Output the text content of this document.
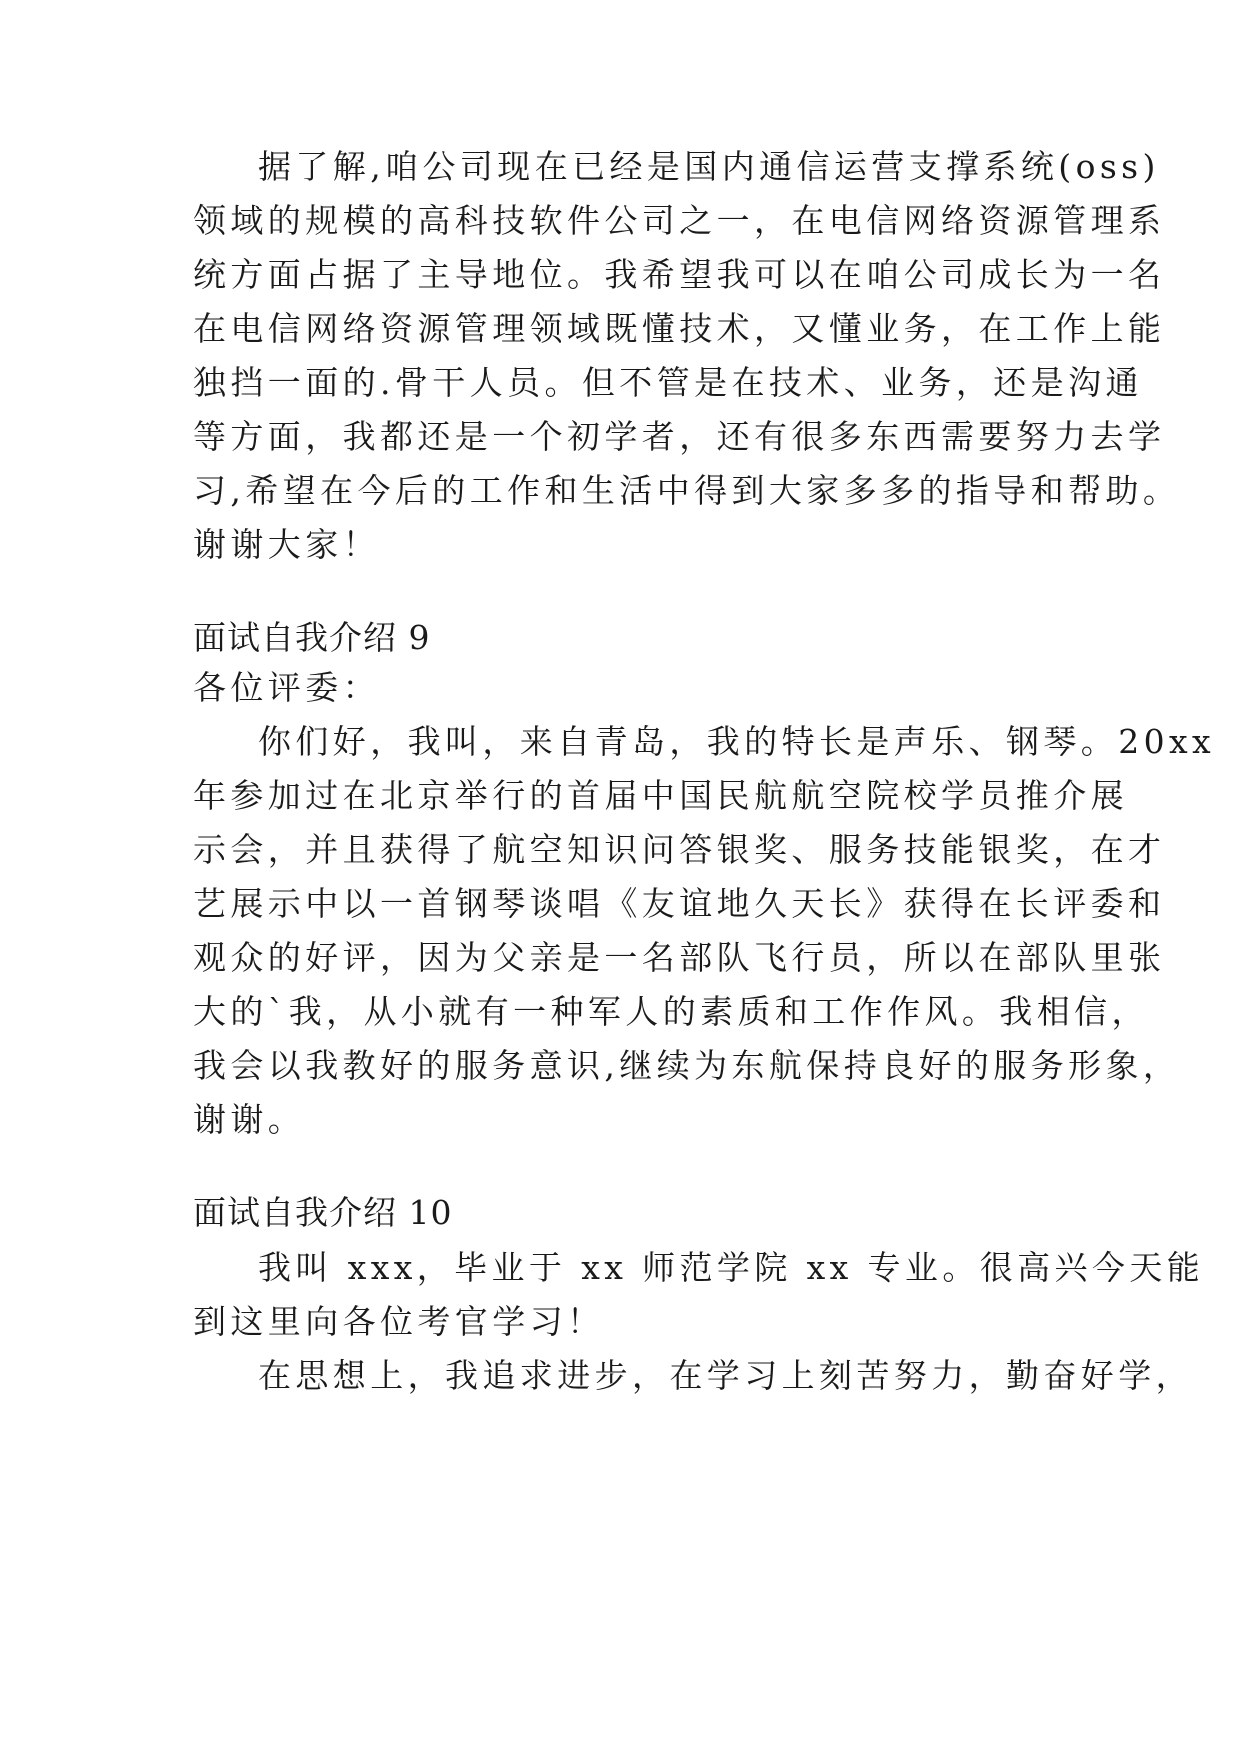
据了解,咱公司现在已经是国内通信运营支撑系统(oss)
领域的规模的高科技软件公司之一，在电信网络资源管理系
统方面占据了主导地位。我希望我可以在咱公司成长为一名
在电信网络资源管理领域既懂技术，又懂业务，在工作上能
独挡一面的.骨干人员。但不管是在技术、业务，还是沟通
等方面，我都还是一个初学者，还有很多东西需要努力去学
习,希望在今后的工作和生活中得到大家多多的指导和帮助。
谢谢大家！
面试自我介绍 9
各位评委：
你们好，我叫，来自青岛，我的特长是声乐、钢琴。20xx
年参加过在北京举行的首届中国民航航空院校学员推介展
示会，并且获得了航空知识问答银奖、服务技能银奖，在才
艺展示中以一首钢琴谈唱《友谊地久天长》获得在长评委和
观众的好评，因为父亲是一名部队飞行员，所以在部队里张
大的`我，从小就有一种军人的素质和工作作风。我相信，
我会以我教好的服务意识,继续为东航保持良好的服务形象，
谢谢。
面试自我介绍 10
我叫 xxx，毕业于 xx 师范学院 xx 专业。很高兴今天能
到这里向各位考官学习！
在思想上，我追求进步，在学习上刻苦努力，勤奋好学，
